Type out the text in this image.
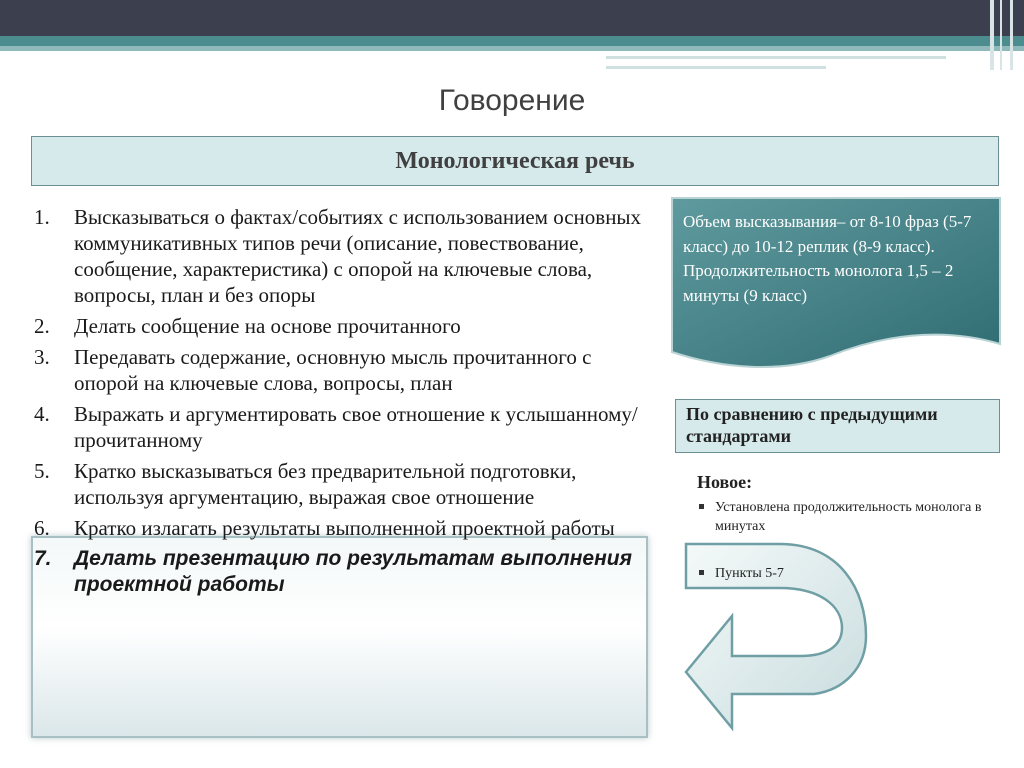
Говорение
Монологическая речь
1. Высказываться о фактах/событиях с использованием основных коммуникативных типов речи (описание, повествование, сообщение, характеристика) с опорой на ключевые слова, вопросы, план и без опоры
2. Делать сообщение на основе прочитанного
3. Передавать содержание, основную мысль прочитанного с опорой на ключевые слова, вопросы, план
4. Выражать и аргументировать свое отношение к услышанному/прочитанному
5. Кратко высказываться без предварительной подготовки, используя аргументацию, выражая свое отношение
6. Кратко излагать результаты выполненной проектной работы
7. Делать презентацию по результатам выполнения проектной работы
Объем высказывания– от 8-10 фраз (5-7 класс) до 10-12 реплик (8-9 класс). Продолжительность монолога 1,5 – 2 минуты (9 класс)
По сравнению с предыдущими стандартами
Новое:
Установлена продолжительность монолога в минутах
Пункты 5-7
